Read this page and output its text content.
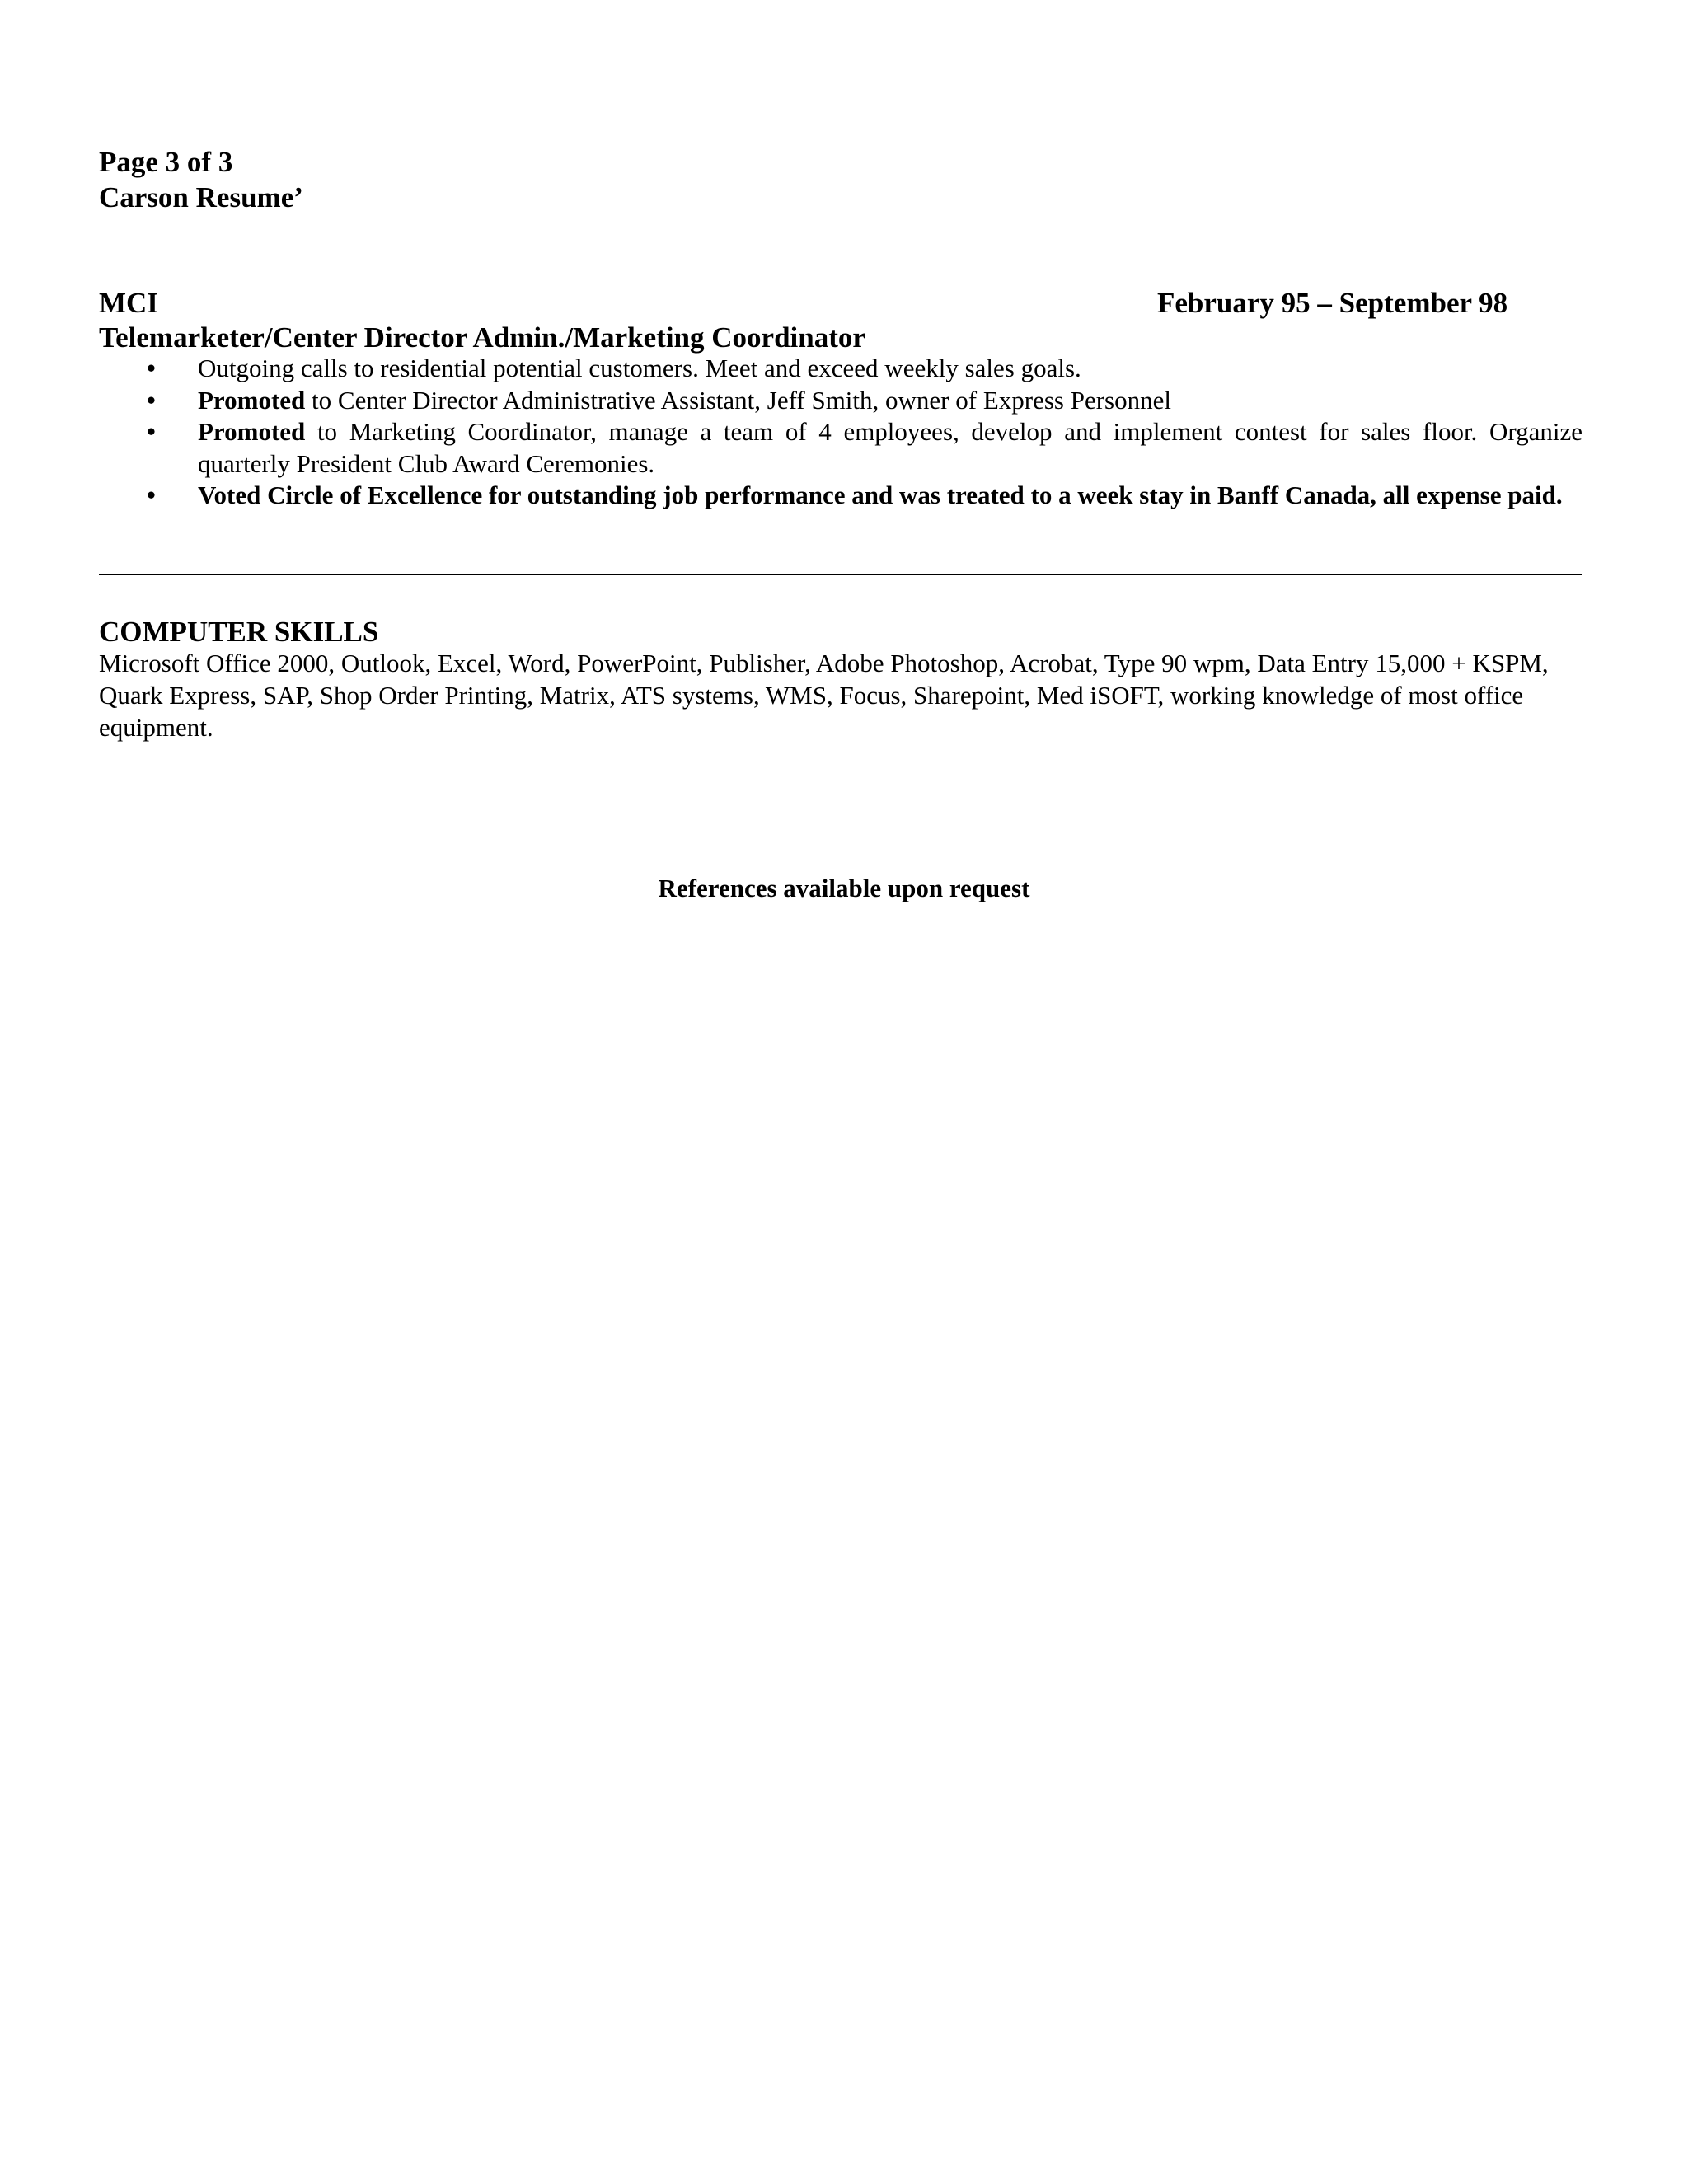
Page 3 of 3
Carson Resume’
MCI	February 95 – September 98
Telemarketer/Center Director Admin./Marketing Coordinator
• Outgoing calls to residential potential customers. Meet and exceed weekly sales goals.
• Promoted to Center Director Administrative Assistant, Jeff Smith, owner of Express Personnel
• Promoted to Marketing Coordinator, manage a team of 4 employees, develop and implement contest for sales floor. Organize quarterly President Club Award Ceremonies.
• Voted Circle of Excellence for outstanding job performance and was treated to a week stay in Banff Canada, all expense paid.
COMPUTER SKILLS
Microsoft Office 2000, Outlook, Excel, Word, PowerPoint, Publisher, Adobe Photoshop, Acrobat, Type 90 wpm, Data Entry 15,000 + KSPM, Quark Express, SAP, Shop Order Printing, Matrix, ATS systems, WMS, Focus, Sharepoint, Med iSOFT, working knowledge of most office equipment.
References available upon request
